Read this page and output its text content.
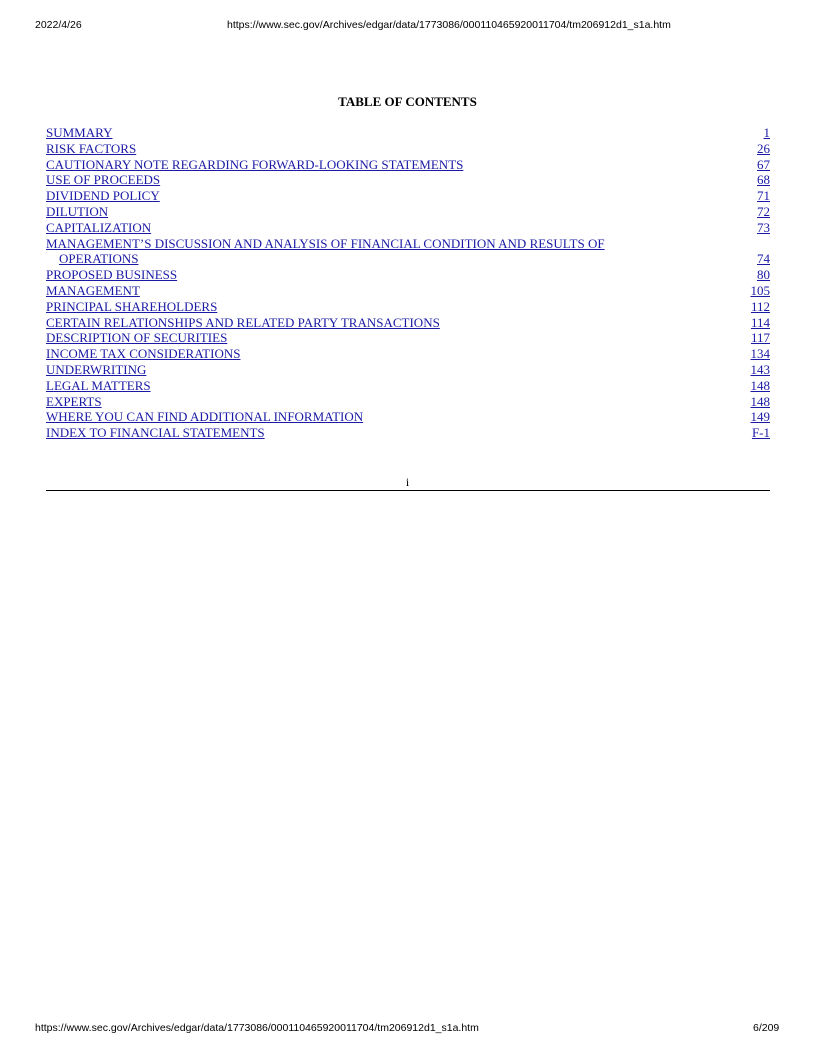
2022/4/26	https://www.sec.gov/Archives/edgar/data/1773086/000110465920011704/tm206912d1_s1a.htm
TABLE OF CONTENTS
SUMMARY	1
RISK FACTORS	26
CAUTIONARY NOTE REGARDING FORWARD-LOOKING STATEMENTS	67
USE OF PROCEEDS	68
DIVIDEND POLICY	71
DILUTION	72
CAPITALIZATION	73
MANAGEMENT’S DISCUSSION AND ANALYSIS OF FINANCIAL CONDITION AND RESULTS OF
OPERATIONS	74
PROPOSED BUSINESS	80
MANAGEMENT	105
PRINCIPAL SHAREHOLDERS	112
CERTAIN RELATIONSHIPS AND RELATED PARTY TRANSACTIONS	114
DESCRIPTION OF SECURITIES	117
INCOME TAX CONSIDERATIONS	134
UNDERWRITING	143
LEGAL MATTERS	148
EXPERTS	148
WHERE YOU CAN FIND ADDITIONAL INFORMATION	149
INDEX TO FINANCIAL STATEMENTS	F-1
i
https://www.sec.gov/Archives/edgar/data/1773086/000110465920011704/tm206912d1_s1a.htm	6/209
